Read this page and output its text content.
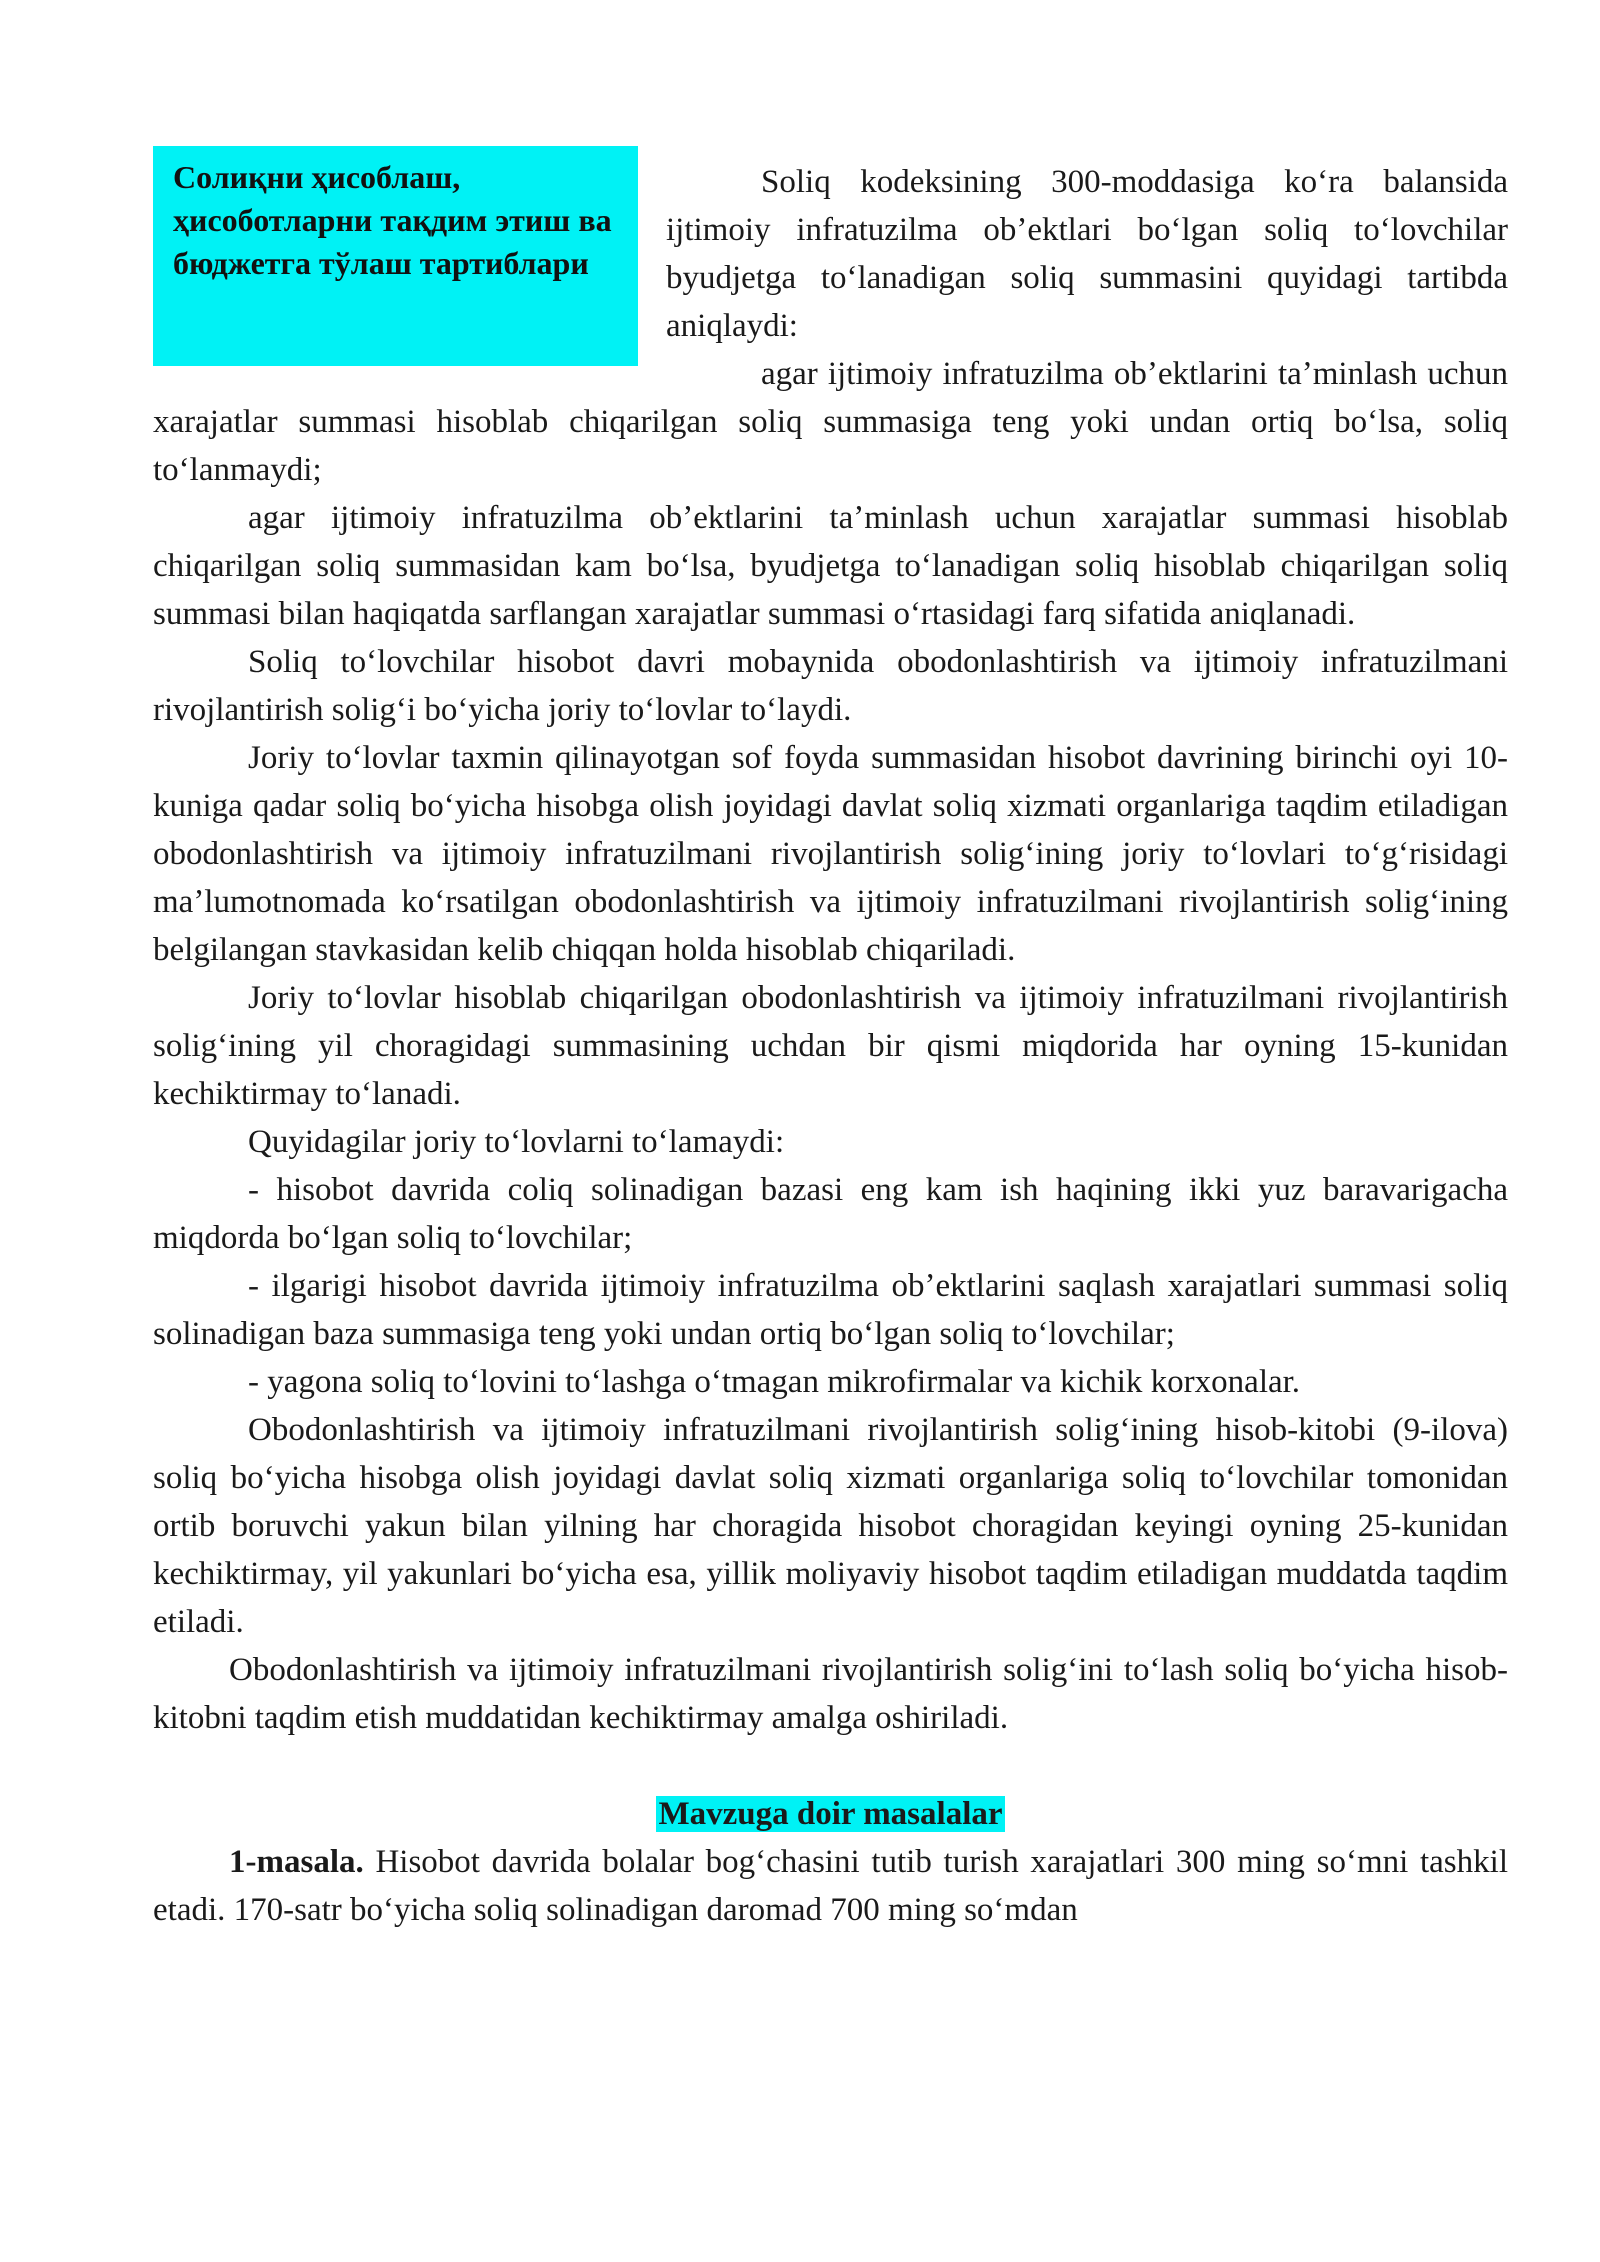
Солиқни ҳисоблаш, ҳисоботларни тақдим этиш ва бюджетга тўлаш тартиблари

Soliq kodeksining 300-moddasiga koʻra balansida ijtimoiy infratuzilma obʼektlari boʻlgan soliq toʻlovchilar byudjetga toʻlanadigan soliq summasini quyidagi tartibda aniqlaydi:

agar ijtimoiy infratuzilma obʼektlarini taʼminlash uchun xarajatlar summasi hisoblab chiqarilgan soliq summasiga teng yoki undan ortiq boʻlsa, soliq toʻlanmaydi;

agar ijtimoiy infratuzilma obʼektlarini taʼminlash uchun xarajatlar summasi hisoblab chiqarilgan soliq summasidan kam boʻlsa, byudjetga toʻlanadigan soliq hisoblab chiqarilgan soliq summasi bilan haqiqatda sarflangan xarajatlar summasi oʻrtasidagi farq sifatida aniqlanadi.

Soliq toʻlovchilar hisobot davri mobaynida obodonlashtirish va ijtimoiy infratuzilmani rivojlantirish soligʻi boʻyicha joriy toʻlovlar toʻlaydi.

Joriy toʻlovlar taxmin qilinayotgan sof foyda summasidan hisobot davrining birinchi oyi 10-kuniga qadar soliq boʻyicha hisobga olish joyidagi davlat soliq xizmati organlariga taqdim etiladigan obodonlashtirish va ijtimoiy infratuzilmani rivojlantirish soligʻining joriy toʻlovlari toʻgʻrisidagi maʼlumotnomada koʻrsatilgan obodonlashtirish va ijtimoiy infratuzilmani rivojlantirish soligʻining belgilangan stavkasidan kelib chiqqan holda hisoblab chiqariladi.

Joriy toʻlovlar hisoblab chiqarilgan obodonlashtirish va ijtimoiy infratuzilmani rivojlantirish soligʻining yil choragidagi summasining uchdan bir qismi miqdorida har oyning 15-kunidan kechiktirmay toʻlanadi.

Quyidagilar joriy toʻlovlarni toʻlamaydi:

- hisobot davrida coliq solinadigan bazasi eng kam ish haqining ikki yuz baravarigacha miqdorda boʻlgan soliq toʻlovchilar;

- ilgarigi hisobot davrida ijtimoiy infratuzilma obʼektlarini saqlash xarajatlari summasi soliq solinadigan baza summasiga teng yoki undan ortiq boʻlgan soliq toʻlovchilar;

- yagona soliq toʻlovini toʻlashga oʻtmagan mikrofirmalar va kichik korxonalar.

Obodonlashtirish va ijtimoiy infratuzilmani rivojlantirish soligʻining hisob-kitobi (9-ilova) soliq boʻyicha hisobga olish joyidagi davlat soliq xizmati organlariga soliq toʻlovchilar tomonidan ortib boruvchi yakun bilan yilning har choragida hisobot choragidan keyingi oyning 25-kunidan kechiktirmay, yil yakunlari boʻyicha esa, yillik moliyaviy hisobot taqdim etiladigan muddatda taqdim etiladi.

Obodonlashtirish va ijtimoiy infratuzilmani rivojlantirish soligʻini toʻlash soliq boʻyicha hisob-kitobni taqdim etish muddatidan kechiktirmay amalga oshiriladi.

Mavzuga doir masalalar

1-masala. Hisobot davrida bolalar bogʻchasini tutib turish xarajatlari 300 ming soʻmni tashkil etadi. 170-satr boʻyicha soliq solinadigan daromad 700 ming soʻmdan
